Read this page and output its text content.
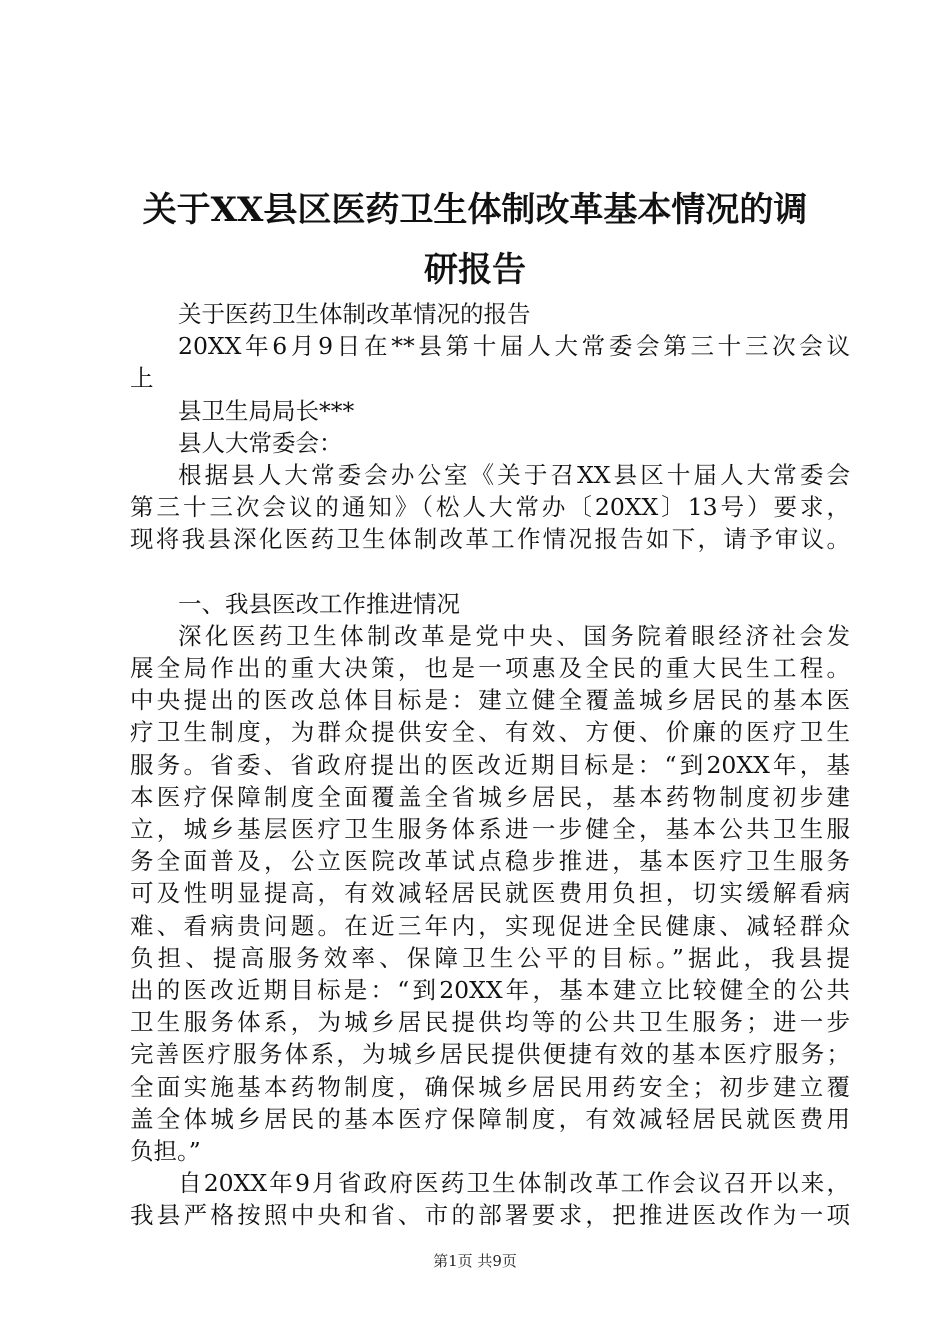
关于XX县区医药卫生体制改革基本情况的调
研报告
关于医药卫生体制改革情况的报告
20XX年6月9日在**县第十届人大常委会第三十三次会议
上
县卫生局局长***
县人大常委会：
根据县人大常委会办公室《关于召XX县区十届人大常委会
第三十三次会议的通知》（松人大常办〔20XX〕13号）要求，
现将我县深化医药卫生体制改革工作情况报告如下，请予审议。
一、我县医改工作推进情况
深化医药卫生体制改革是党中央、国务院着眼经济社会发
展全局作出的重大决策，也是一项惠及全民的重大民生工程。
中央提出的医改总体目标是：建立健全覆盖城乡居民的基本医
疗卫生制度，为群众提供安全、有效、方便、价廉的医疗卫生
服务。省委、省政府提出的医改近期目标是：“到20XX年，基
本医疗保障制度全面覆盖全省城乡居民，基本药物制度初步建
立，城乡基层医疗卫生服务体系进一步健全，基本公共卫生服
务全面普及，公立医院改革试点稳步推进，基本医疗卫生服务
可及性明显提高，有效减轻居民就医费用负担，切实缓解看病
难、看病贵问题。在近三年内，实现促进全民健康、减轻群众
负担、提高服务效率、保障卫生公平的目标。”据此，我县提
出的医改近期目标是：“到20XX年，基本建立比较健全的公共
卫生服务体系，为城乡居民提供均等的公共卫生服务；进一步
完善医疗服务体系，为城乡居民提供便捷有效的基本医疗服务；
全面实施基本药物制度，确保城乡居民用药安全；初步建立覆
盖全体城乡居民的基本医疗保障制度，有效减轻居民就医费用
负担。”
自20XX年9月省政府医药卫生体制改革工作会议召开以来，
我县严格按照中央和省、市的部署要求，把推进医改作为一项
第1页 共9页
